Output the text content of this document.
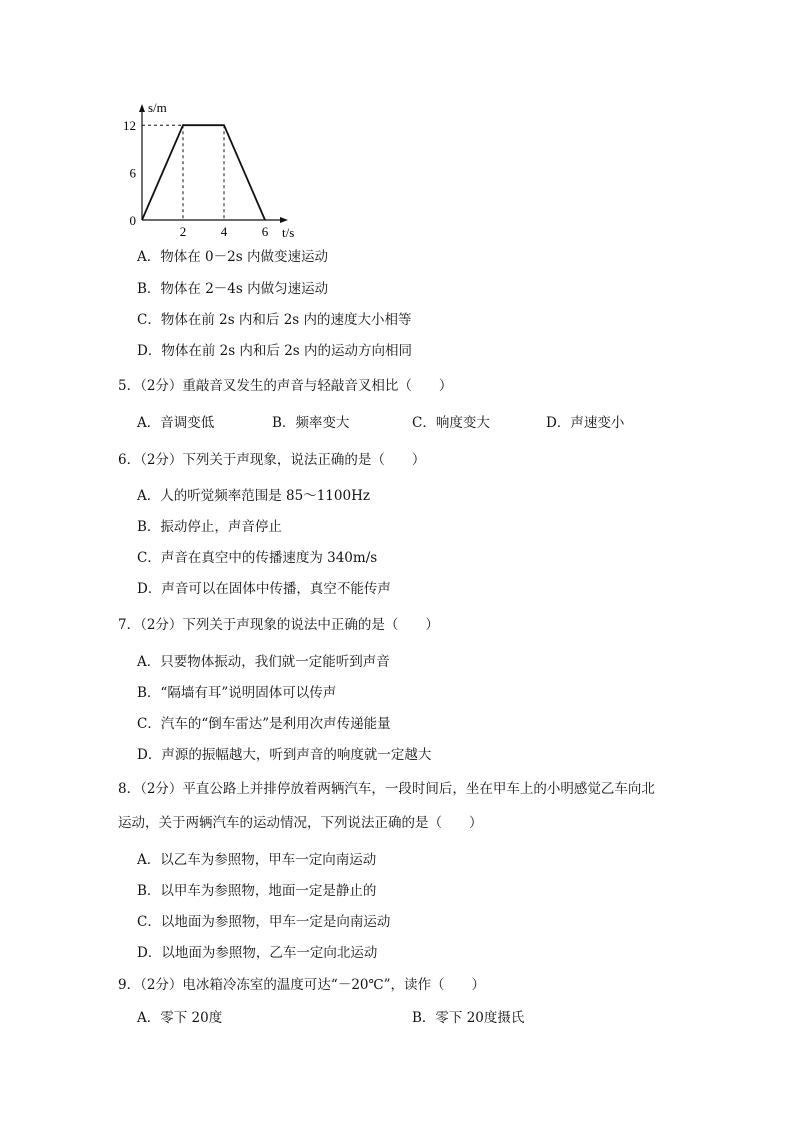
s/m
t/s
12
6
0
2	4	6
A．物体在 0－2s 内做变速运动
B．物体在 2－4s 内做匀速运动
C．物体在前 2s 内和后 2s 内的速度大小相等
D．物体在前 2s 内和后 2s 内的运动方向相同
5．（2分）重敲音叉发生的声音与轻敲音叉相比（　　）
A．音调变低	B．频率变大	C．响度变大	D．声速变小
6．（2分）下列关于声现象，说法正确的是（　　）
A．人的听觉频率范围是 85～1100Hz
B．振动停止，声音停止
C．声音在真空中的传播速度为 340m/s
D．声音可以在固体中传播，真空不能传声
7．（2分）下列关于声现象的说法中正确的是（　　）
A．只要物体振动，我们就一定能听到声音
B．“隔墙有耳”说明固体可以传声
C．汽车的“倒车雷达”是利用次声传递能量
D．声源的振幅越大，听到声音的响度就一定越大
8．（2分）平直公路上并排停放着两辆汽车，一段时间后，坐在甲车上的小明感觉乙车向北
运动，关于两辆汽车的运动情况，下列说法正确的是（　　）
A．以乙车为参照物，甲车一定向南运动
B．以甲车为参照物，地面一定是静止的
C．以地面为参照物，甲车一定是向南运动
D．以地面为参照物，乙车一定向北运动
9．（2分）电冰箱冷冻室的温度可达“－20℃”，读作（　　）
A．零下 20度	B．零下 20度摄氏
